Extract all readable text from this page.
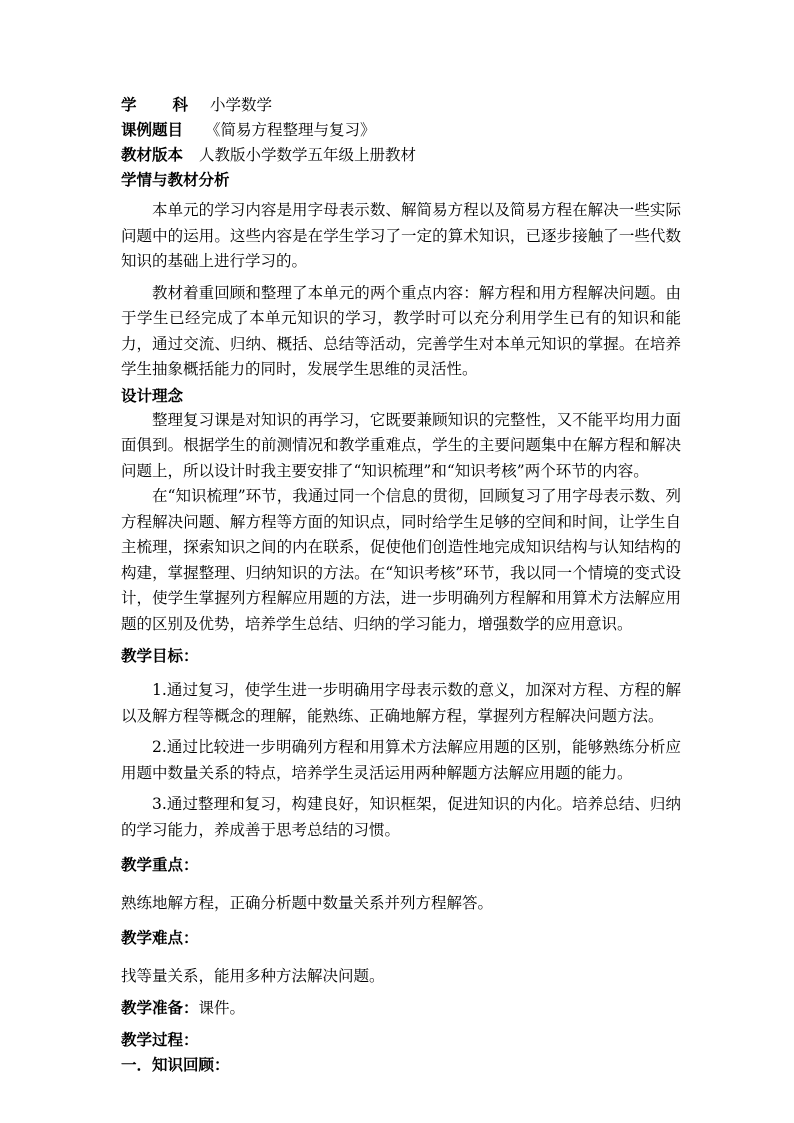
学 科 小学数学
课例题目 《简易方程整理与复习》
教材版本 人教版小学数学五年级上册教材
学情与教材分析

本单元的学习内容是用字母表示数、解简易方程以及简易方程在解决一些实际问题中的运用。这些内容是在学生学习了一定的算术知识，已逐步接触了一些代数知识的基础上进行学习的。

教材着重回顾和整理了本单元的两个重点内容：解方程和用方程解决问题。由于学生已经完成了本单元知识的学习，教学时可以充分利用学生已有的知识和能力，通过交流、归纳、概括、总结等活动，完善学生对本单元知识的掌握。在培养学生抽象概括能力的同时，发展学生思维的灵活性。

设计理念

整理复习课是对知识的再学习，它既要兼顾知识的完整性，又不能平均用力面面俱到。根据学生的前测情况和教学重难点，学生的主要问题集中在解方程和解决问题上，所以设计时我主要安排了“知识梳理”和“知识考核”两个环节的内容。

在“知识梳理”环节，我通过同一个信息的贯彻，回顾复习了用字母表示数、列方程解决问题、解方程等方面的知识点，同时给学生足够的空间和时间，让学生自主梳理，探索知识之间的内在联系，促使他们创造性地完成知识结构与认知结构的构建，掌握整理、归纳知识的方法。在“知识考核”环节，我以同一个情境的变式设计，使学生掌握列方程解应用题的方法，进一步明确列方程解和用算术方法解应用题的区别及优势，培养学生总结、归纳的学习能力，增强数学的应用意识。

教学目标：

1.通过复习，使学生进一步明确用字母表示数的意义，加深对方程、方程的解以及解方程等概念的理解，能熟练、正确地解方程，掌握列方程解决问题方法。

2.通过比较进一步明确列方程和用算术方法解应用题的区别，能够熟练分析应用题中数量关系的特点，培养学生灵活运用两种解题方法解应用题的能力。

3.通过整理和复习，构建良好，知识框架，促进知识的内化。培养总结、归纳的学习能力，养成善于思考总结的习惯。

教学重点：

熟练地解方程，正确分析题中数量关系并列方程解答。

教学难点：

找等量关系，能用多种方法解决问题。

教学准备：课件。
教学过程：
一．知识回顾：
